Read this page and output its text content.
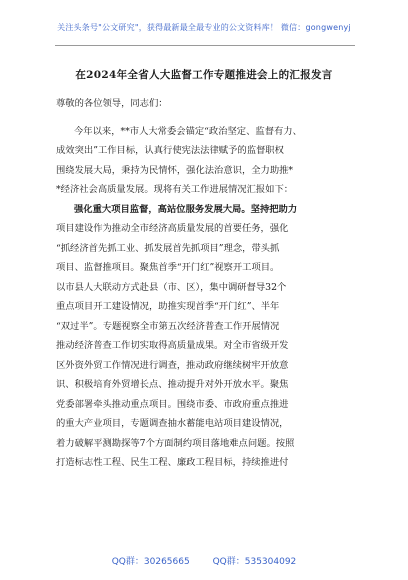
关注头条号"公文研究"，获得最新最全最专业的公文资料库！ 微信：gongwenyj
在2024年全省人大监督工作专题推进会上的汇报发言
尊敬的各位领导，同志们：
今年以来，**市人大常委会锚定“政治坚定、监督有力、
成效突出”工作目标，认真行使宪法法律赋予的监督职权
围绕发展大局，秉持为民情怀，强化法治意识，全力助推*
*经济社会高质量发展。现将有关工作进展情况汇报如下：
强化重大项目监督，高站位服务发展大局。坚持把助力
项目建设作为推动全市经济高质量发展的首要任务，强化
“抓经济首先抓工业、抓发展首先抓项目”理念，带头抓
项目、监督推项目。聚焦首季“开门红”视察开工项目。
以市县人大联动方式赴县（市、区），集中调研督导32个
重点项目开工建设情况，助推实现首季“开门红”、半年
“双过半”。专题视察全市第五次经济普查工作开展情况
推动经济普查工作切实取得高质量成果。对全市省级开发
区外资外贸工作情况进行调查，推动政府继续树牢开放意
识、积极培育外贸增长点、推动提升对外开放水平。聚焦
党委部署牵头推动重点项目。围绕市委、市政府重点推进
的重大产业项目，专题调查抽水蓄能电站项目建设情况，
着力破解平测勘探等7个方面制约项目落地难点问题。按照
打造标志性工程、民生工程、廉政工程目标，持续推进付
QQ群：30265665	QQ群：535304092
